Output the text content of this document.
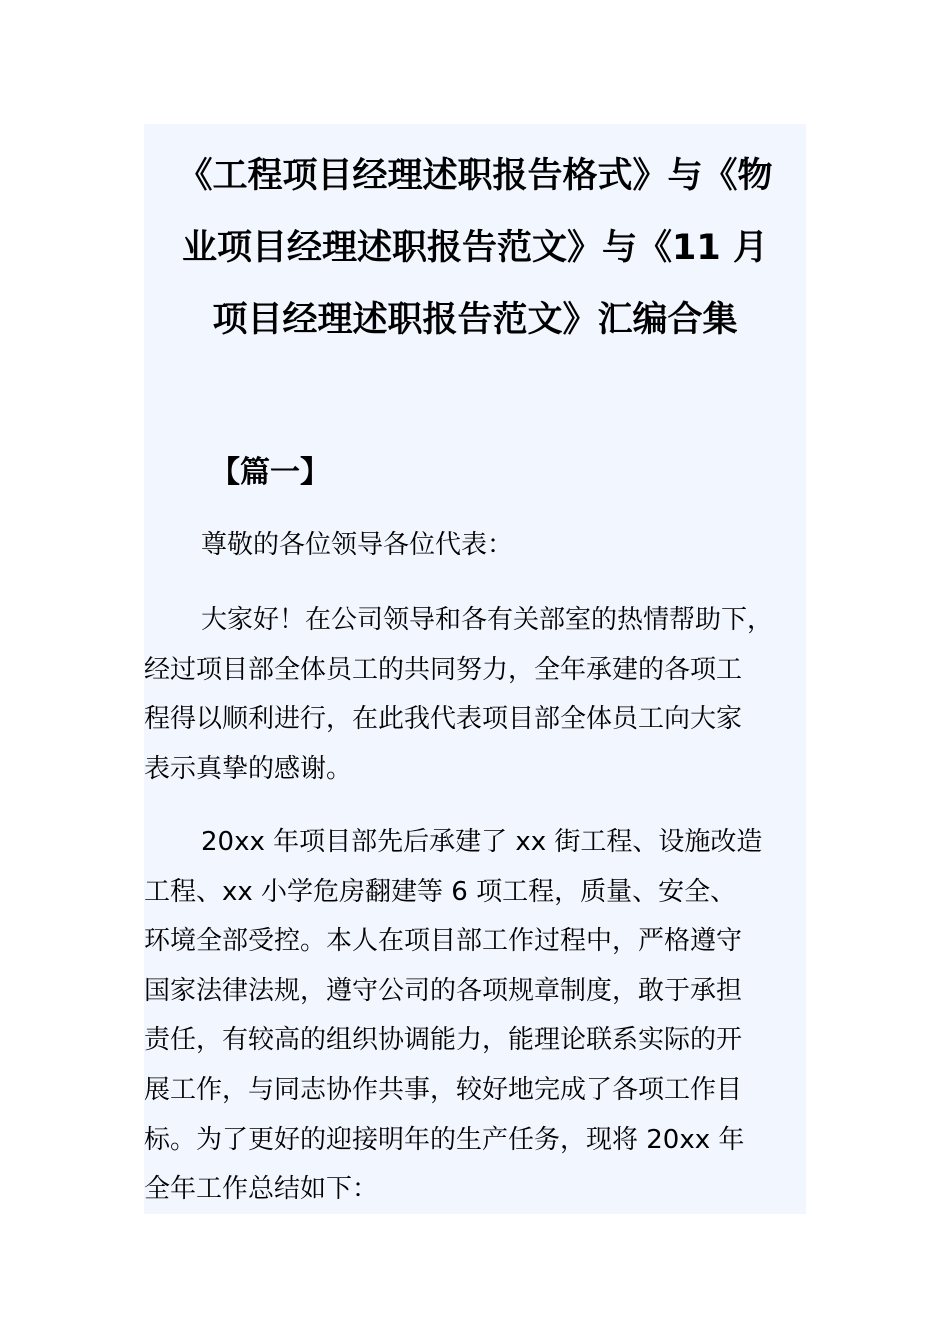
《工程项目经理述职报告格式》与《物
业项目经理述职报告范文》与《11 月
项目经理述职报告范文》汇编合集
【篇一】

尊敬的各位领导各位代表：

大家好！在公司领导和各有关部室的热情帮助下，
经过项目部全体员工的共同努力，全年承建的各项工
程得以顺利进行，在此我代表项目部全体员工向大家
表示真挚的感谢。

20xx 年项目部先后承建了 xx 街工程、设施改造
工程、xx 小学危房翻建等 6 项工程，质量、安全、
环境全部受控。本人在项目部工作过程中，严格遵守
国家法律法规，遵守公司的各项规章制度，敢于承担
责任，有较高的组织协调能力，能理论联系实际的开
展工作，与同志协作共事，较好地完成了各项工作目
标。为了更好的迎接明年的生产任务，现将 20xx 年
全年工作总结如下：
